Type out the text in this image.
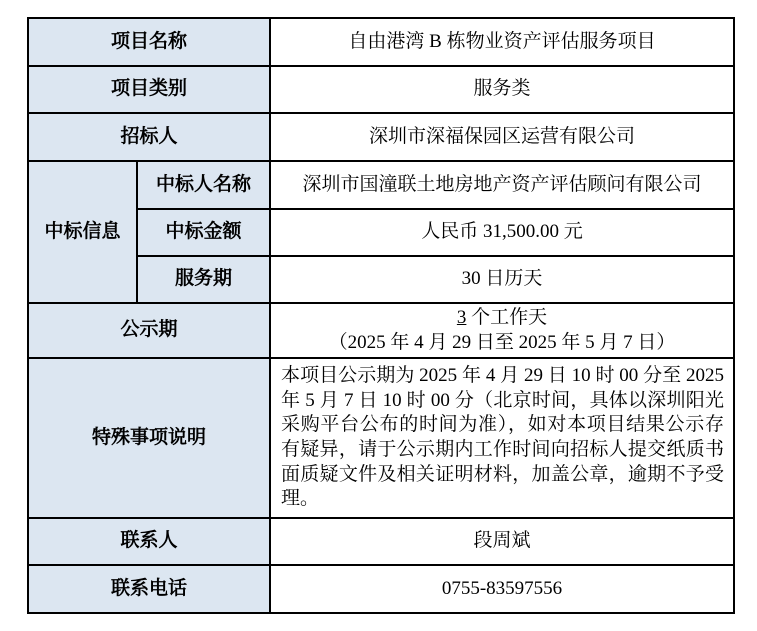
项目名称		自由港湾 B 栋物业资产评估服务项目
项目类别		服务类
招标人		深圳市深福保园区运营有限公司
中标信息	中标人名称	深圳市国潼联土地房地产资产评估顾问有限公司
	中标金额	人民币 31,500.00 元
	服务期	30 日历天
公示期		3 个工作天
（2025 年 4 月 29 日至 2025 年 5 月 7 日）

特殊事项说明		本项目公示期为 2025 年 4 月 29 日 10 时 00 分至 2025 年 5 月 7 日 10 时 00 分（北京时间，具体以深圳阳光采购平台公布的时间为准），如对本项目结果公示存有疑异，请于公示期内工作时间向招标人提交纸质书面质疑文件及相关证明材料，加盖公章，逾期不予受理。
联系人		段周斌
联系电话		0755-83597556
